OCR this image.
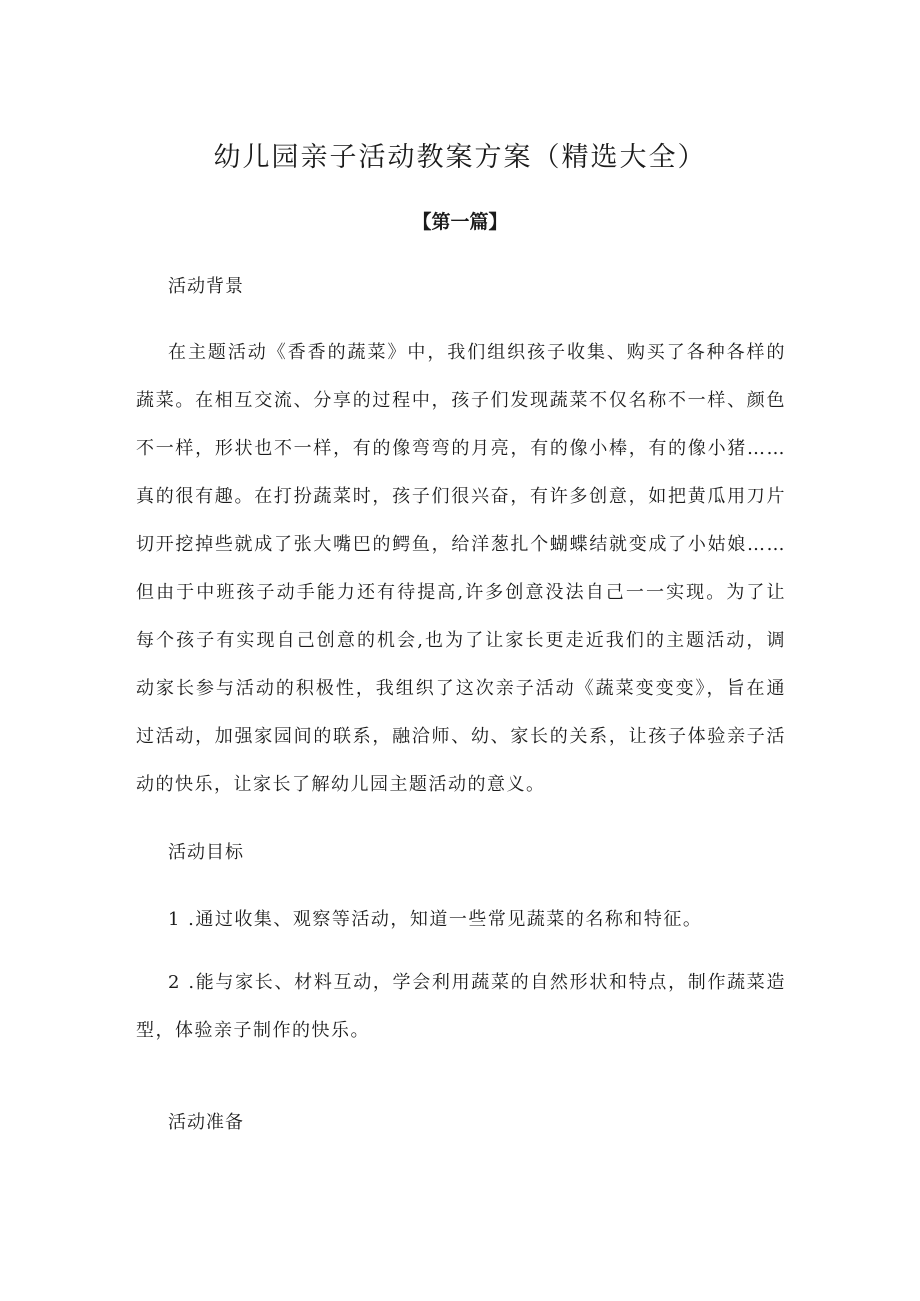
幼儿园亲子活动教案方案（精选大全）
【第一篇】
活动背景

在主题活动《香香的蔬菜》中，我们组织孩子收集、购买了各种各样的蔬菜。在相互交流、分享的过程中，孩子们发现蔬菜不仅名称不一样、颜色不一样，形状也不一样，有的像弯弯的月亮，有的像小棒，有的像小猪……真的很有趣。在打扮蔬菜时，孩子们很兴奋，有许多创意，如把黄瓜用刀片切开挖掉些就成了张大嘴巴的鳄鱼，给洋葱扎个蝴蝶结就变成了小姑娘……但由于中班孩子动手能力还有待提高,许多创意没法自己一一实现。为了让每个孩子有实现自己创意的机会,也为了让家长更走近我们的主题活动，调动家长参与活动的积极性，我组织了这次亲子活动《蔬菜变变变》，旨在通过活动，加强家园间的联系，融洽师、幼、家长的关系，让孩子体验亲子活动的快乐，让家长了解幼儿园主题活动的意义。

活动目标

1 .通过收集、观察等活动，知道一些常见蔬菜的名称和特征。

2 .能与家长、材料互动，学会利用蔬菜的自然形状和特点，制作蔬菜造型，体验亲子制作的快乐。

活动准备
